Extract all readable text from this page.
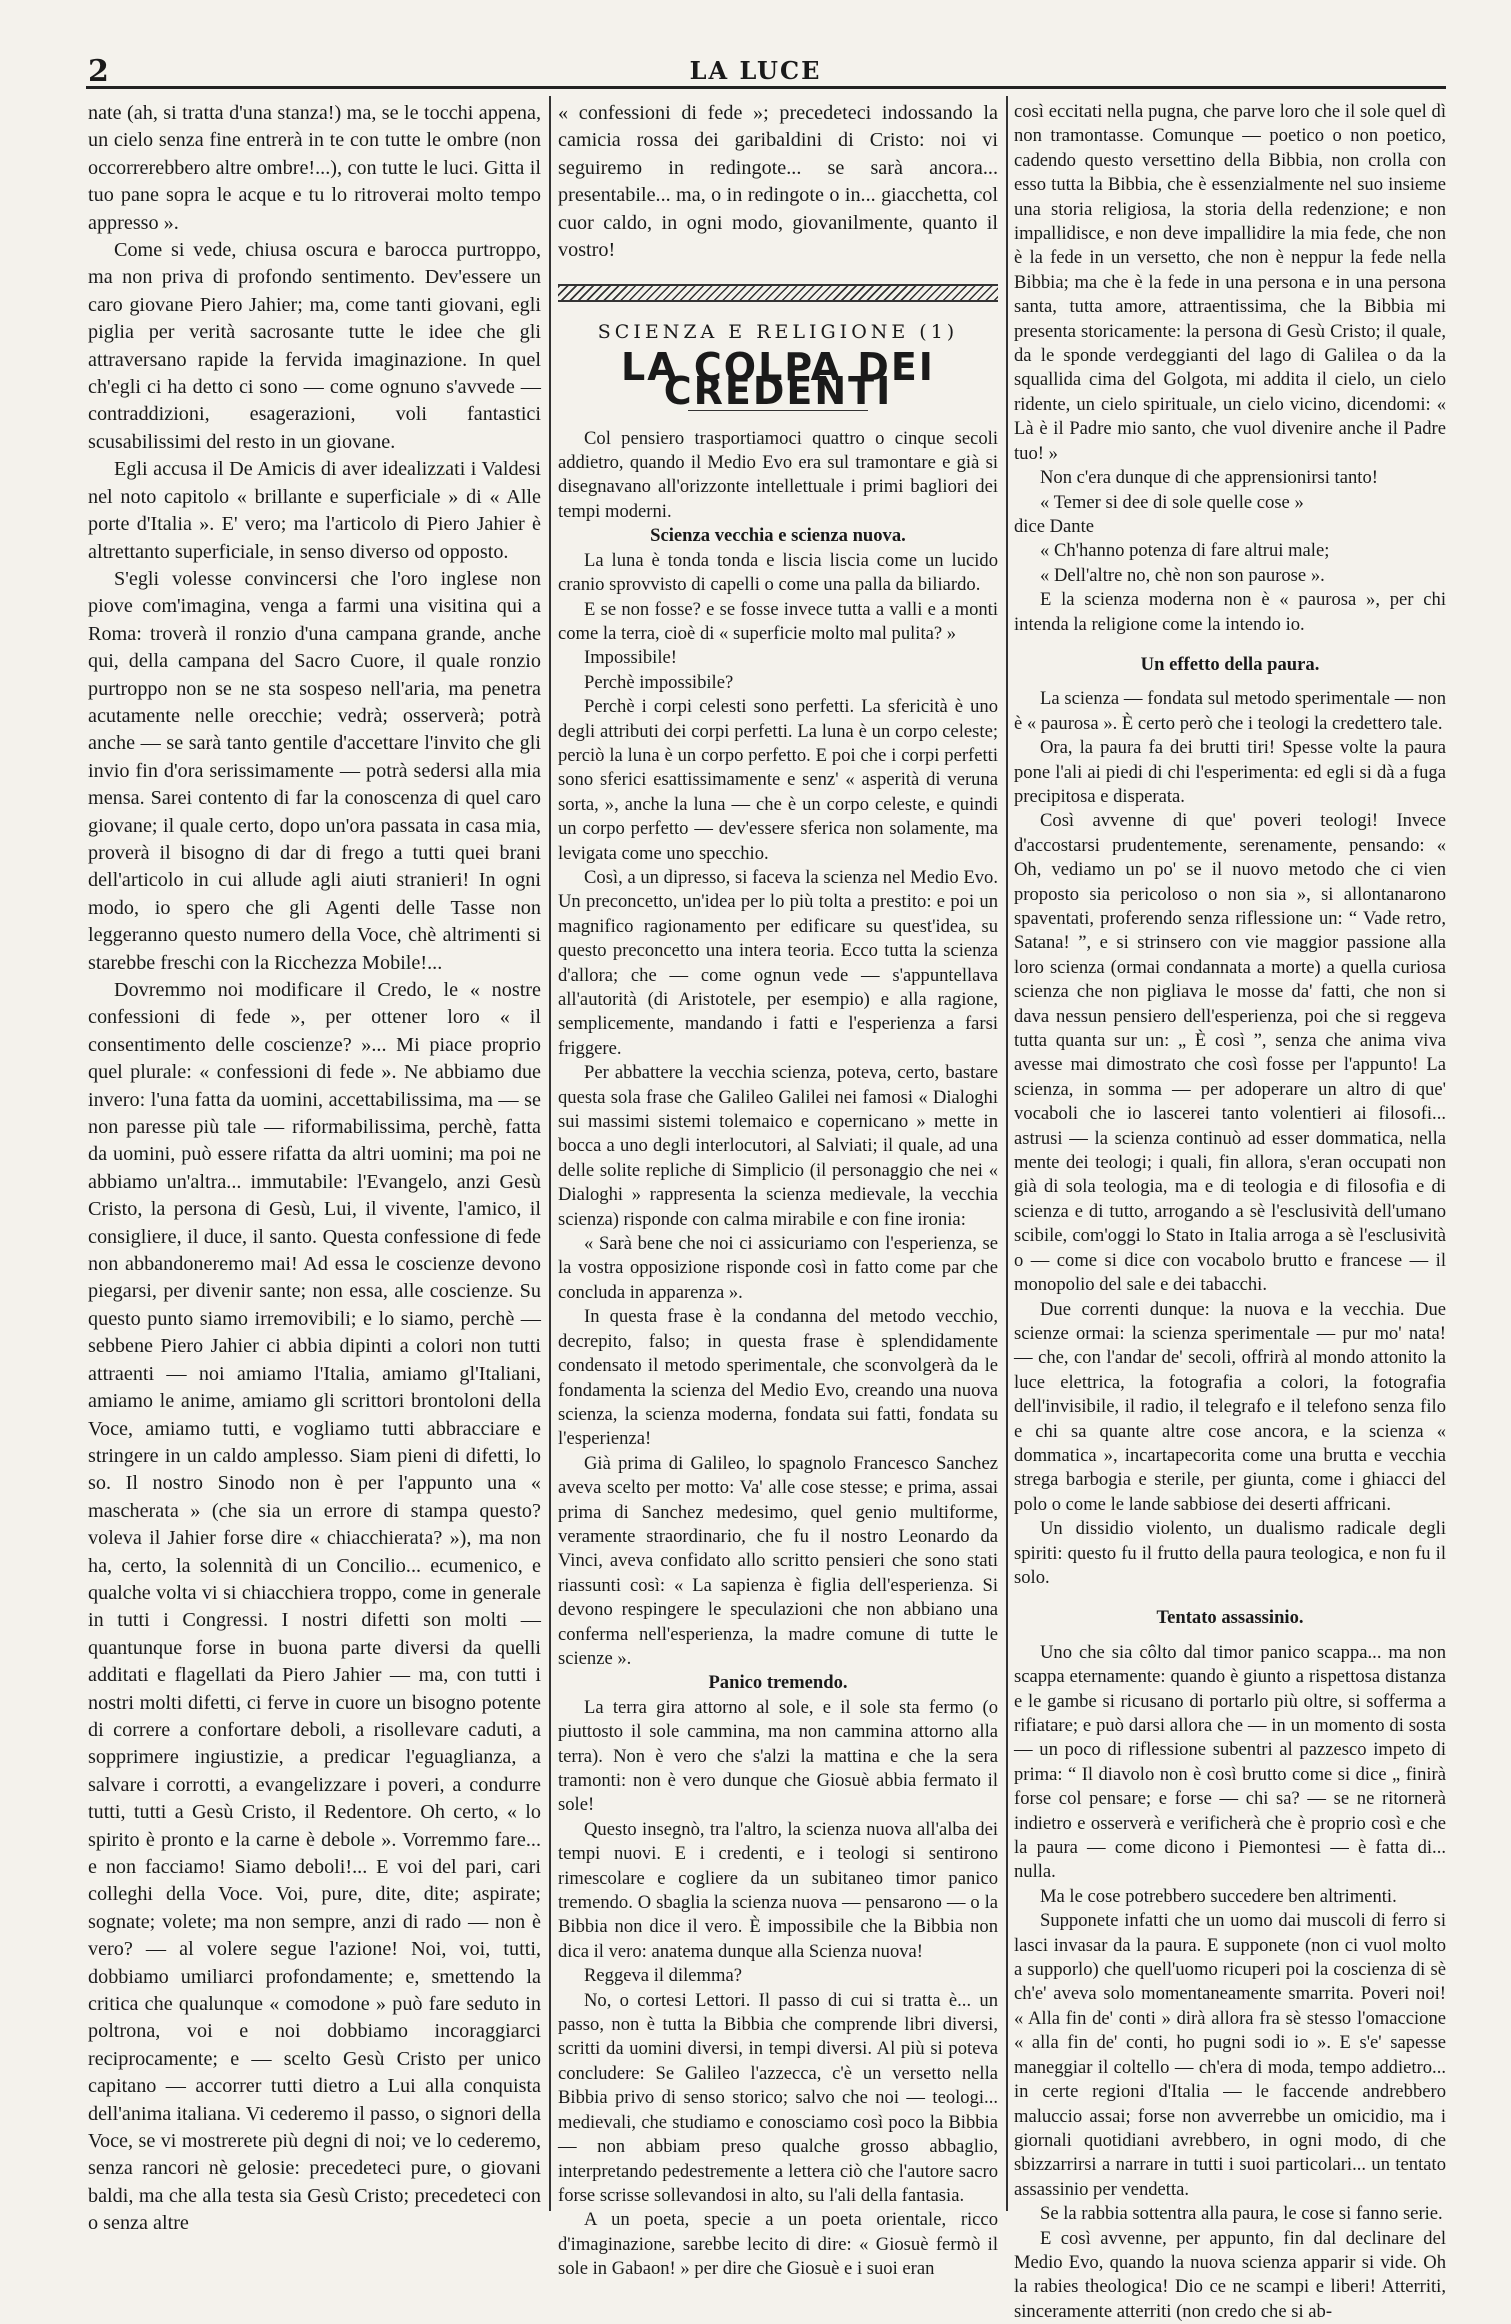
2	LA LUCE

nate (ah, si tratta d'una stanza!) ma, se le tocchi appena, un cielo senza fine entrerà in te con tutte le ombre (non occorrerebbero altre ombre!...), con tutte le luci. Gitta il tuo pane sopra le acque e tu lo ritroverai molto tempo appresso ».

Come si vede, chiusa oscura e barocca purtroppo, ma non priva di profondo sentimento. Dev'essere un caro giovane Piero Jahier; ma, come tanti giovani, egli piglia per verità sacrosante tutte le idee che gli attraversano rapide la fervida imaginazione. In quel ch'egli ci ha detto ci sono — come ognuno s'avvede — contraddizioni, esagerazioni, voli fantastici scusabilissimi del resto in un giovane.

Egli accusa il De Amicis di aver idealizzati i Valdesi nel noto capitolo « brillante e superficiale » di « Alle porte d'Italia ». E' vero; ma l'articolo di Piero Jahier è altrettanto superficiale, in senso diverso od opposto.

S'egli volesse convincersi che l'oro inglese non piove com'imagina, venga a farmi una visitina qui a Roma: troverà il ronzio d'una campana grande, anche qui, della campana del Sacro Cuore, il quale ronzio purtroppo non se ne sta sospeso nell'aria, ma penetra acutamente nelle orecchie; vedrà; osserverà; potrà anche — se sarà tanto gentile d'accettare l'invito che gli invio fin d'ora serissimamente — potrà sedersi alla mia mensa. Sarei contento di far la conoscenza di quel caro giovane; il quale certo, dopo un'ora passata in casa mia, proverà il bisogno di dar di frego a tutti quei brani dell'articolo in cui allude agli aiuti stranieri! In ogni modo, io spero che gli Agenti delle Tasse non leggeranno questo numero della Voce, chè altrimenti si starebbe freschi con la Ricchezza Mobile!...

Dovremmo noi modificare il Credo, le « nostre confessioni di fede », per ottener loro « il consentimento delle coscienze? »... Mi piace proprio quel plurale: « confessioni di fede ». Ne abbiamo due invero: l'una fatta da uomini, accettabilissima, ma — se non paresse più tale — riformabilissima, perchè, fatta da uomini, può essere rifatta da altri uomini; ma poi ne abbiamo un'altra... immutabile: l'Evangelo, anzi Gesù Cristo, la persona di Gesù, Lui, il vivente, l'amico, il consigliere, il duce, il santo. Questa confessione di fede non abbandoneremo mai! Ad essa le coscienze devono piegarsi, per divenir sante; non essa, alle coscienze. Su questo punto siamo irremovibili; e lo siamo, perchè — sebbene Piero Jahier ci abbia dipinti a colori non tutti attraenti — noi amiamo l'Italia, amiamo gl'Italiani, amiamo le anime, amiamo gli scrittori brontoloni della Voce, amiamo tutti, e vogliamo tutti abbracciare e stringere in un caldo amplesso. Siam pieni di difetti, lo so. Il nostro Sinodo non è per l'appunto una « mascherata » (che sia un errore di stampa questo? voleva il Jahier forse dire « chiacchierata? »), ma non ha, certo, la solennità di un Concilio... ecumenico, e qualche volta vi si chiacchiera troppo, come in generale in tutti i Congressi. I nostri difetti son molti — quantunque forse in buona parte diversi da quelli additati e flagellati da Piero Jahier — ma, con tutti i nostri molti difetti, ci ferve in cuore un bisogno potente di correre a confortare deboli, a risollevare caduti, a sopprimere ingiustizie, a predicar l'eguaglianza, a salvare i corrotti, a evangelizzare i poveri, a condurre tutti, tutti a Gesù Cristo, il Redentore. Oh certo, « lo spirito è pronto e la carne è debole ». Vorremmo fare... e non facciamo! Siamo deboli!... E voi del pari, cari colleghi della Voce. Voi, pure, dite, dite; aspirate; sognate; volete; ma non sempre, anzi di rado — non è vero? — al volere segue l'azione! Noi, voi, tutti, dobbiamo umiliarci profondamente; e, smettendo la critica che qualunque « comodone » può fare seduto in poltrona, voi e noi dobbiamo incoraggiarci reciprocamente; e — scelto Gesù Cristo per unico capitano — accorrer tutti dietro a Lui alla conquista dell'anima italiana. Vi cederemo il passo, o signori della Voce, se vi mostrerete più degni di noi; ve lo cederemo, senza rancori nè gelosie: precedeteci pure, o giovani baldi, ma che alla testa sia Gesù Cristo; precedeteci con o senza altre

« confessioni di fede »; precedeteci indossando la camicia rossa dei garibaldini di Cristo: noi vi seguiremo in redingote... se sarà ancora... presentabile... ma, o in redingote o in... giacchetta, col cuor caldo, in ogni modo, giovanilmente, quanto il vostro!

SCIENZA E RELIGIONE (1)
LA COLPA DEI CREDENTI

Col pensiero trasportiamoci quattro o cinque secoli addietro, quando il Medio Evo era sul tramontare e già si disegnavano all'orizzonte intellettuale i primi bagliori dei tempi moderni.

Scienza vecchia e scienza nuova.

La luna è tonda tonda e liscia liscia come un lucido cranio sprovvisto di capelli o come una palla da biliardo.

E se non fosse? e se fosse invece tutta a valli e a monti come la terra, cioè di « superficie molto mal pulita? »

Impossibile!

Perchè impossibile?

Perchè i corpi celesti sono perfetti. La sfericità è uno degli attributi dei corpi perfetti. La luna è un corpo celeste; perciò la luna è un corpo perfetto. E poi che i corpi perfetti sono sferici esattissimamente e senz' « asperità di veruna sorta, », anche la luna — che è un corpo celeste, e quindi un corpo perfetto — dev'essere sferica non solamente, ma levigata come uno specchio.

Così, a un dipresso, si faceva la scienza nel Medio Evo. Un preconcetto, un'idea per lo più tolta a prestito: e poi un magnifico ragionamento per edificare su quest'idea, su questo preconcetto una intera teoria. Ecco tutta la scienza d'allora; che — come ognun vede — s'appuntellava all'autorità (di Aristotele, per esempio) e alla ragione, semplicemente, mandando i fatti e l'esperienza a farsi friggere.

Per abbattere la vecchia scienza, poteva, certo, bastare questa sola frase che Galileo Galilei nei famosi « Dialoghi sui massimi sistemi tolemaico e copernicano » mette in bocca a uno degli interlocutori, al Salviati; il quale, ad una delle solite repliche di Simplicio (il personaggio che nei « Dialoghi » rappresenta la scienza medievale, la vecchia scienza) risponde con calma mirabile e con fine ironia:

« Sarà bene che noi ci assicuriamo con l'esperienza, se la vostra opposizione risponde così in fatto come par che concluda in apparenza ».

In questa frase è la condanna del metodo vecchio, decrepito, falso; in questa frase è splendidamente condensato il metodo sperimentale, che sconvolgerà da le fondamenta la scienza del Medio Evo, creando una nuova scienza, la scienza moderna, fondata sui fatti, fondata su l'esperienza!

Già prima di Galileo, lo spagnolo Francesco Sanchez aveva scelto per motto: Va' alle cose stesse; e prima, assai prima di Sanchez medesimo, quel genio multiforme, veramente straordinario, che fu il nostro Leonardo da Vinci, aveva confidato allo scritto pensieri che sono stati riassunti così: « La sapienza è figlia dell'esperienza. Si devono respingere le speculazioni che non abbiano una conferma nell'esperienza, la madre comune di tutte le scienze ».

Panico tremendo.

La terra gira attorno al sole, e il sole sta fermo (o piuttosto il sole cammina, ma non cammina attorno alla terra). Non è vero che s'alzi la mattina e che la sera tramonti: non è vero dunque che Giosuè abbia fermato il sole!

Questo insegnò, tra l'altro, la scienza nuova all'alba dei tempi nuovi. E i credenti, e i teologi si sentirono rimescolare e cogliere da un subitaneo timor panico tremendo. O sbaglia la scienza nuova — pensarono — o la Bibbia non dice il vero. È impossibile che la Bibbia non dica il vero: anatema dunque alla Scienza nuova!

Reggeva il dilemma?

No, o cortesi Lettori. Il passo di cui si tratta è... un passo, non è tutta la Bibbia che comprende libri diversi, scritti da uomini diversi, in tempi diversi. Al più si poteva concludere: Se Galileo l'azzecca, c'è un versetto nella Bibbia privo di senso storico; salvo che noi — teologi... medievali, che studiamo e conosciamo così poco la Bibbia — non abbiam preso qualche grosso abbaglio, interpretando pedestremente a lettera ciò che l'autore sacro forse scrisse sollevandosi in alto, su l'ali della fantasia.

A un poeta, specie a un poeta orientale, ricco d'imaginazione, sarebbe lecito di dire: « Giosuè fermò il sole in Gabaon! » per dire che Giosuè e i suoi eran

così eccitati nella pugna, che parve loro che il sole quel dì non tramontasse. Comunque — poetico o non poetico, cadendo questo versettino della Bibbia, non crolla con esso tutta la Bibbia, che è essenzialmente nel suo insieme una storia religiosa, la storia della redenzione; e non impallidisce, e non deve impallidire la mia fede, che non è la fede in un versetto, che non è neppur la fede nella Bibbia; ma che è la fede in una persona e in una persona santa, tutta amore, attraentissima, che la Bibbia mi presenta storicamente: la persona di Gesù Cristo; il quale, da le sponde verdeggianti del lago di Galilea o da la squallida cima del Golgota, mi addita il cielo, un cielo ridente, un cielo spirituale, un cielo vicino, dicendomi: « Là è il Padre mio santo, che vuol divenire anche il Padre tuo! »

Non c'era dunque di che apprensionirsi tanto!

« Temer si dee di sole quelle cose »

dice Dante

« Ch'hanno potenza di fare altrui male;

« Dell'altre no, chè non son paurose ».

E la scienza moderna non è « paurosa », per chi intenda la religione come la intendo io.

Un effetto della paura.

La scienza — fondata sul metodo sperimentale — non è « paurosa ». È certo però che i teologi la credettero tale.

Ora, la paura fa dei brutti tiri! Spesse volte la paura pone l'ali ai piedi di chi l'esperimenta: ed egli si dà a fuga precipitosa e disperata.

Così avvenne di que' poveri teologi! Invece d'accostarsi prudentemente, serenamente, pensando: « Oh, vediamo un po' se il nuovo metodo che ci vien proposto sia pericoloso o non sia », si allontanarono spaventati, proferendo senza riflessione un: “ Vade retro, Satana! ”, e si strinsero con vie maggior passione alla loro scienza (ormai condannata a morte) a quella curiosa scienza che non pigliava le mosse da' fatti, che non si dava nessun pensiero dell'esperienza, poi che si reggeva tutta quanta sur un: „ È così ”, senza che anima viva avesse mai dimostrato che così fosse per l'appunto! La scienza, in somma — per adoperare un altro di que' vocaboli che io lascerei tanto volentieri ai filosofi... astrusi — la scienza continuò ad esser dommatica, nella mente dei teologi; i quali, fin allora, s'eran occupati non già di sola teologia, ma e di teologia e di filosofia e di scienza e di tutto, arrogando a sè l'esclusività dell'umano scibile, com'oggi lo Stato in Italia arroga a sè l'esclusività o — come si dice con vocabolo brutto e francese — il monopolio del sale e dei tabacchi.

Due correnti dunque: la nuova e la vecchia. Due scienze ormai: la scienza sperimentale — pur mo' nata! — che, con l'andar de' secoli, offrirà al mondo attonito la luce elettrica, la fotografia a colori, la fotografia dell'invisibile, il radio, il telegrafo e il telefono senza filo e chi sa quante altre cose ancora, e la scienza « dommatica », incartapecorita come una brutta e vecchia strega barbogia e sterile, per giunta, come i ghiacci del polo o come le lande sabbiose dei deserti affricani.

Un dissidio violento, un dualismo radicale degli spiriti: questo fu il frutto della paura teologica, e non fu il solo.

Tentato assassinio.

Uno che sia côlto dal timor panico scappa... ma non scappa eternamente: quando è giunto a rispettosa distanza e le gambe si ricusano di portarlo più oltre, si sofferma a rifiatare; e può darsi allora che — in un momento di sosta — un poco di riflessione subentri al pazzesco impeto di prima: “ Il diavolo non è così brutto come si dice „ finirà forse col pensare; e forse — chi sa? — se ne ritornerà indietro e osserverà e verificherà che è proprio così e che la paura — come dicono i Piemontesi — è fatta di... nulla.

Ma le cose potrebbero succedere ben altrimenti.

Supponete infatti che un uomo dai muscoli di ferro si lasci invasar da la paura. E supponete (non ci vuol molto a supporlo) che quell'uomo ricuperi poi la coscienza di sè ch'e' aveva solo momentaneamente smarrita. Poveri noi! « Alla fin de' conti » dirà allora fra sè stesso l'omaccione « alla fin de' conti, ho pugni sodi io ». E s'e' sapesse maneggiar il coltello — ch'era di moda, tempo addietro... in certe regioni d'Italia — le faccende andrebbero maluccio assai; forse non avverrebbe un omicidio, ma i giornali quotidiani avrebbero, in ogni modo, di che sbizzarrirsi a narrare in tutti i suoi particolari... un tentato assassinio per vendetta.

Se la rabbia sottentra alla paura, le cose si fanno serie.

E così avvenne, per appunto, fin dal declinare del Medio Evo, quando la nuova scienza apparir si vide. Oh la rabies theologica! Dio ce ne scampi e liberi! Atterriti, sinceramente atterriti (non credo che si ab-
